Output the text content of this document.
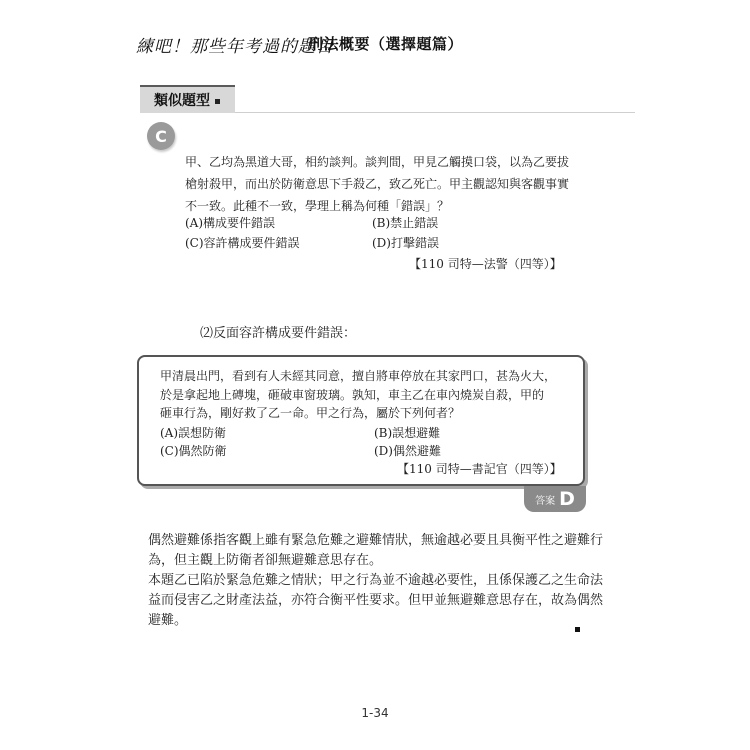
練吧！那些年考過的題目
刑法概要（選擇題篇）
類似題型
C
甲、乙均為黑道大哥，相約談判。談判間，甲見乙觸摸口袋，以為乙要拔
槍射殺甲，而出於防衛意思下手殺乙，致乙死亡。甲主觀認知與客觀事實
不一致。此種不一致，學理上稱為何種「錯誤」？
(A)構成要件錯誤	(B)禁止錯誤
(C)容許構成要件錯誤	(D)打擊錯誤
【110 司特—法警（四等）】
⑵反面容許構成要件錯誤：
甲清晨出門，看到有人未經其同意，擅自將車停放在其家門口，甚為火大，
於是拿起地上磚塊，砸破車窗玻璃。孰知，車主乙在車內燒炭自殺，甲的
砸車行為，剛好救了乙一命。甲之行為，屬於下列何者？
(A)誤想防衛	(B)誤想避難
(C)偶然防衛	(D)偶然避難
【110 司特—書記官（四等）】
答案 D
偶然避難係指客觀上雖有緊急危難之避難情狀，無逾越必要且具衡平性之避難行
為，但主觀上防衛者卻無避難意思存在。
本題乙已陷於緊急危難之情狀；甲之行為並不逾越必要性，且係保護乙之生命法
益而侵害乙之財產法益，亦符合衡平性要求。但甲並無避難意思存在，故為偶然
避難。
1-34
